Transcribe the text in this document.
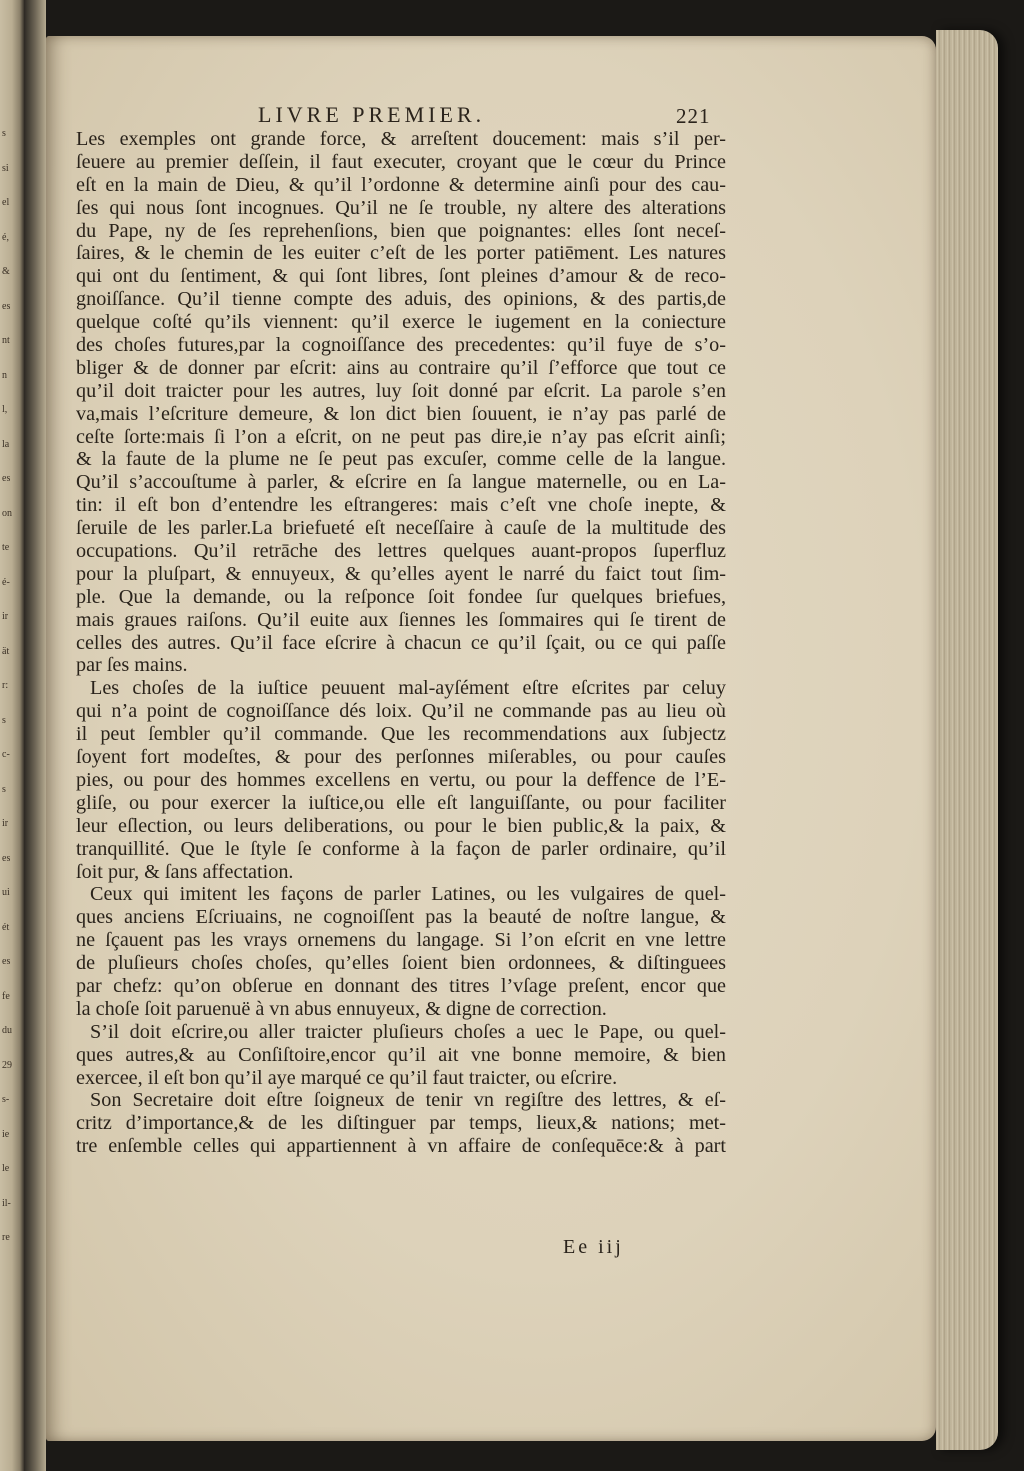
s
si
el
é,
&
es
nt
n
l,
la
es
on
te
é-
ir
ät
r:
s
c-
s
ir
es
ui
ét
es
fe
du
29
s-
ie
le
il-
re
LIVRE PREMIER.	221
Les exemples ont grande force, & arreſtent doucement: mais s’il per-
ſeuere au premier deſſein, il faut executer, croyant que le cœur du Prince
eſt en la main de Dieu, & qu’il l’ordonne & determine ainſi pour des cau-
ſes qui nous ſont incognues. Qu’il ne ſe trouble, ny altere des alterations
du Pape, ny de ſes reprehenſions, bien que poignantes: elles ſont neceſ-
ſaires, & le chemin de les euiter c’eſt de les porter patiēment. Les natures
qui ont du ſentiment, & qui ſont libres, ſont pleines d’amour & de reco-
gnoiſſance. Qu’il tienne compte des aduis, des opinions, & des partis,de
quelque coſté qu’ils viennent: qu’il exerce le iugement en la coniecture
des choſes futures,par la cognoiſſance des precedentes: qu’il fuye de s’o-
bliger & de donner par eſcrit: ains au contraire qu’il ſ’efforce que tout ce
qu’il doit traicter pour les autres, luy ſoit donné par eſcrit. La parole s’en
va,mais l’eſcriture demeure, & lon dict bien ſouuent, ie n’ay pas parlé de
ceſte ſorte:mais ſi l’on a eſcrit, on ne peut pas dire,ie n’ay pas eſcrit ainſi;
& la faute de la plume ne ſe peut pas excuſer, comme celle de la langue.
Qu’il s’accouſtume à parler, & eſcrire en ſa langue maternelle, ou en La-
tin: il eſt bon d’entendre les eſtrangeres: mais c’eſt vne choſe inepte, &
ſeruile de les parler.La briefueté eſt neceſſaire à cauſe de la multitude des
occupations. Qu’il retrāche des lettres quelques auant-propos ſuperfluz
pour la pluſpart, & ennuyeux, & qu’elles ayent le narré du faict tout ſim-
ple. Que la demande, ou la reſponce ſoit fondee ſur quelques briefues,
mais graues raiſons. Qu’il euite aux ſiennes les ſommaires qui ſe tirent de
celles des autres. Qu’il face eſcrire à chacun ce qu’il ſçait, ou ce qui paſſe
par ſes mains.
Les choſes de la iuſtice peuuent mal-ayſément eſtre eſcrites par celuy
qui n’a point de cognoiſſance dés loix. Qu’il ne commande pas au lieu où
il peut ſembler qu’il commande. Que les recommendations aux ſubjectz
ſoyent fort modeſtes, & pour des perſonnes miſerables, ou pour cauſes
pies, ou pour des hommes excellens en vertu, ou pour la deffence de l’E-
gliſe, ou pour exercer la iuſtice,ou elle eſt languiſſante, ou pour faciliter
leur eſlection, ou leurs deliberations, ou pour le bien public,& la paix, &
tranquillité. Que le ſtyle ſe conforme à la façon de parler ordinaire, qu’il
ſoit pur, & ſans affectation.
Ceux qui imitent les façons de parler Latines, ou les vulgaires de quel-
ques anciens Eſcriuains, ne cognoiſſent pas la beauté de noſtre langue, &
ne ſçauent pas les vrays ornemens du langage. Si l’on eſcrit en vne lettre
de pluſieurs choſes choſes, qu’elles ſoient bien ordonnees, & diſtinguees
par chefz: qu’on obſerue en donnant des titres l’vſage preſent, encor que
la choſe ſoit paruenuë à vn abus ennuyeux, & digne de correction.
S’il doit eſcrire,ou aller traicter pluſieurs choſes a uec le Pape, ou quel-
ques autres,& au Conſiſtoire,encor qu’il ait vne bonne memoire, & bien
exercee, il eſt bon qu’il aye marqué ce qu’il faut traicter, ou eſcrire.
Son Secretaire doit eſtre ſoigneux de tenir vn regiſtre des lettres, & eſ-
critz d’importance,& de les diſtinguer par temps, lieux,& nations; met-
tre enſemble celles qui appartiennent à vn affaire de conſequēce:& à part
Ee iij
